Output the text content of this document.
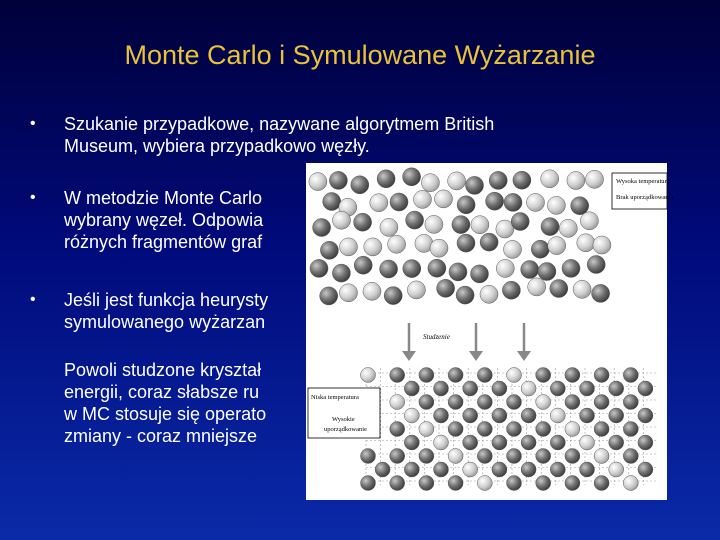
Monte Carlo i Symulowane Wyżarzanie
• Szukanie przypadkowe, nazywane algorytmem British
Museum, wybiera przypadkowo węzły.
• W metodzie Monte Carlo
wybrany węzeł. Odpowia
różnych fragmentów graf
• Jeśli jest funkcja heurysty
symulowanego wyżarzan
Powoli studzone kryształ
energii, coraz słabsze ru
w MC stosuje się operato
zmiany - coraz mniejsze
Wysoka temperatura
Brak uporządkowania
Studzenie
Niska temperatura
Wysokie
uporządkowanie
